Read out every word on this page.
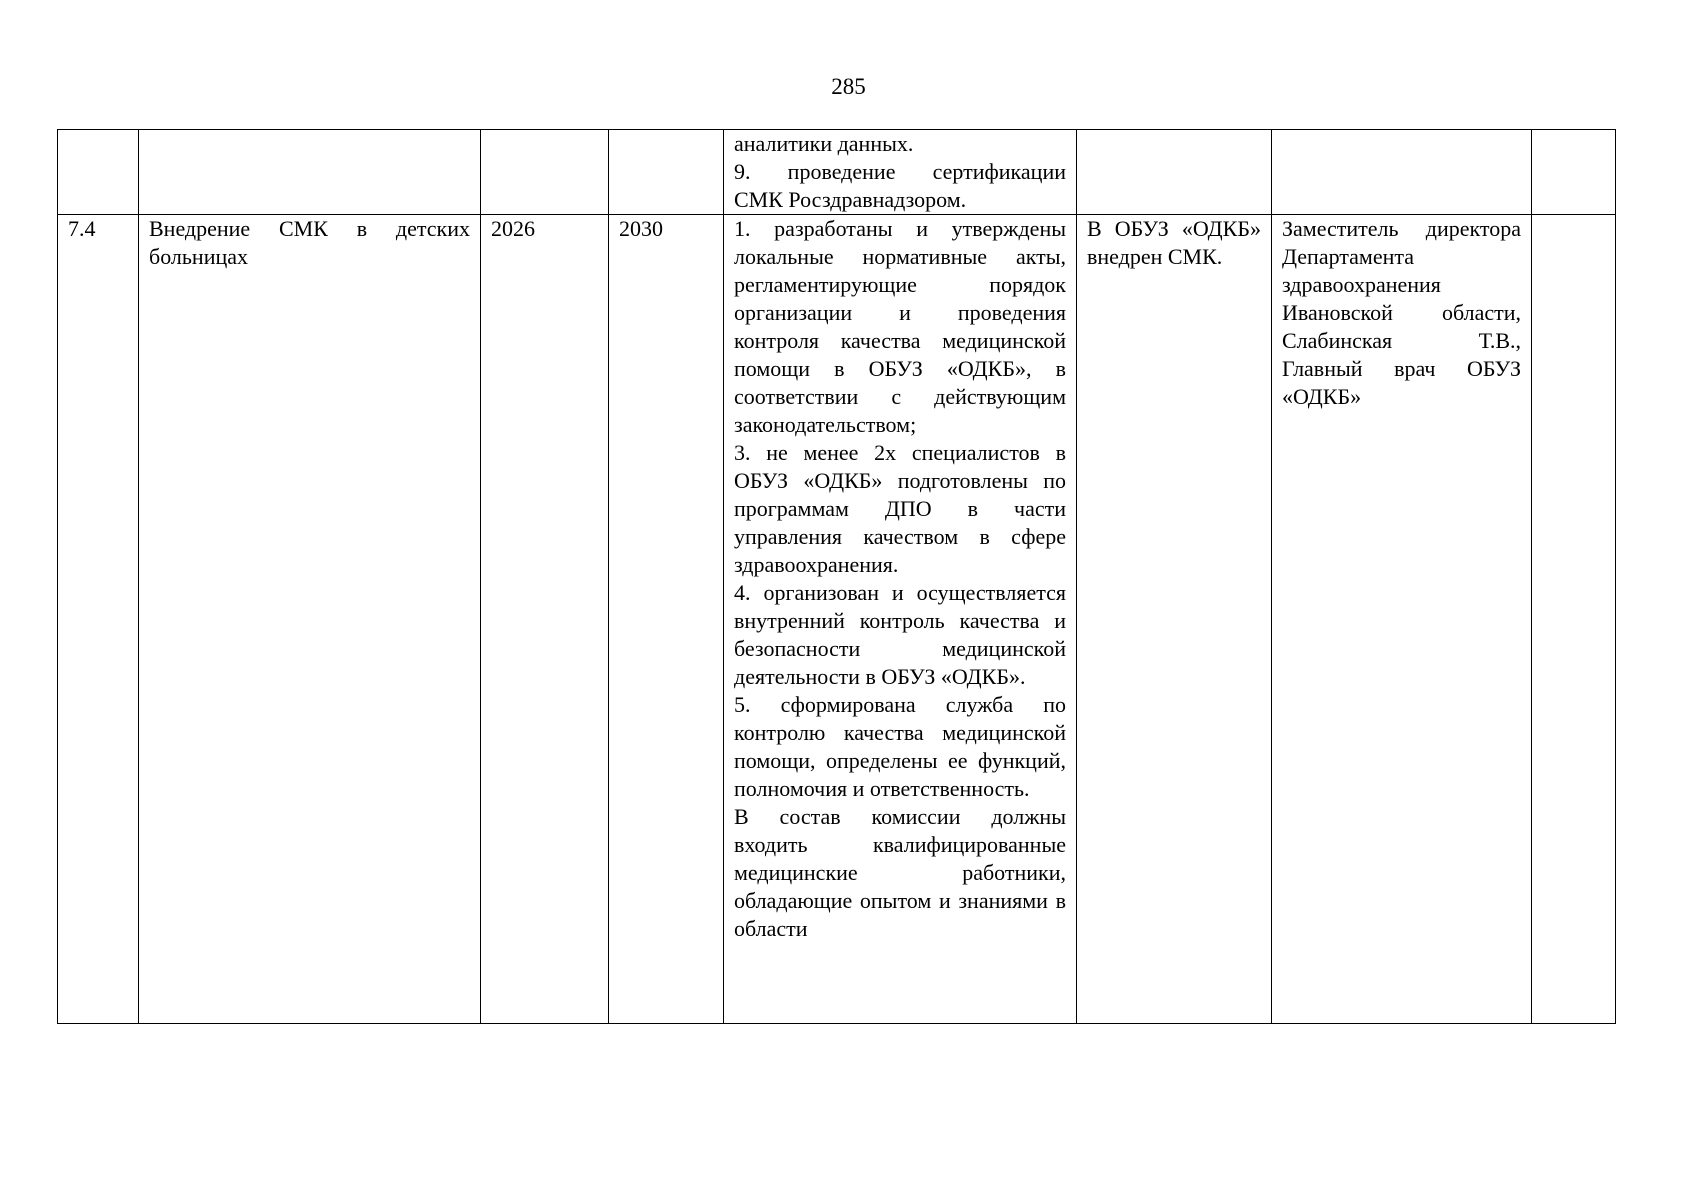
285

				аналитики данных.
9. проведение сертификации
СМК Росздравнадзором.			

7.4	Внедрение СМК в детских больницах	2026	2030	1. разработаны и утверждены локальные нормативные акты, регламентирующие порядок организации и проведения контроля качества медицинской помощи в ОБУЗ «ОДКБ», в соответствии с действующим законодательством;
3. не менее 2х специалистов в ОБУЗ «ОДКБ» подготовлены по программам ДПО в части управления качеством в сфере здравоохранения.
4. организован и осуществляется внутренний контроль качества и безопасности медицинской деятельности в ОБУЗ «ОДКБ».
5. сформирована служба по контролю качества медицинской помощи, определены ее функций, полномочия и ответственность.
В состав комиссии должны входить квалифицированные медицинские работники, обладающие опытом и знаниями в области	В ОБУЗ «ОДКБ» внедрен СМК.	Заместитель директора Департамента здравоохранения Ивановской области, Слабинская Т.В., Главный врач ОБУЗ «ОДКБ»	
